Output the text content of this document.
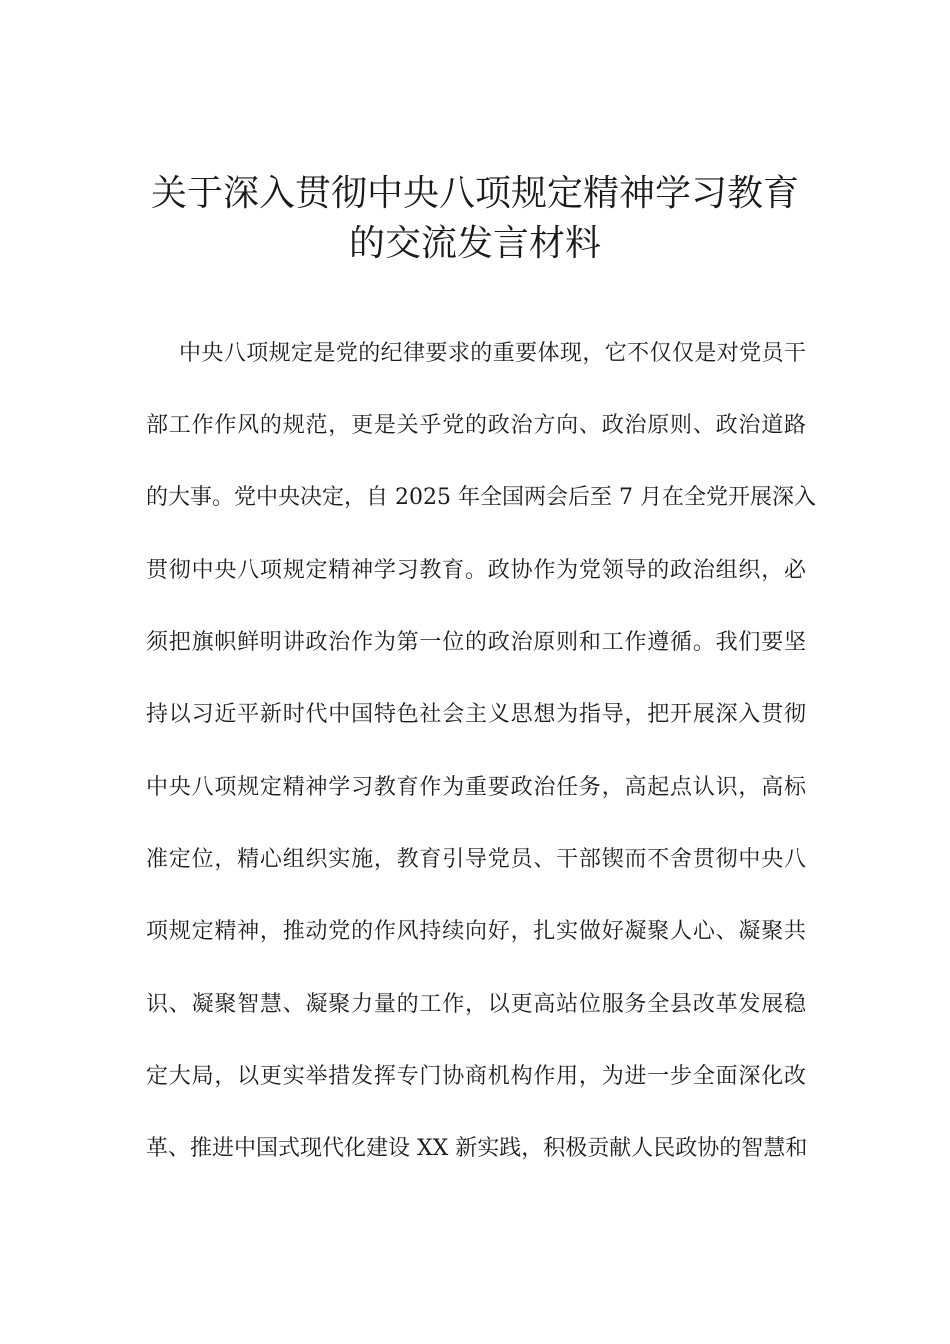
关于深入贯彻中央八项规定精神学习教育
的交流发言材料
中央八项规定是党的纪律要求的重要体现，它不仅仅是对党员干
部工作作风的规范，更是关乎党的政治方向、政治原则、政治道路
的大事。党中央决定，自 2025 年全国两会后至 7 月在全党开展深入
贯彻中央八项规定精神学习教育。政协作为党领导的政治组织，必
须把旗帜鲜明讲政治作为第一位的政治原则和工作遵循。我们要坚
持以习近平新时代中国特色社会主义思想为指导，把开展深入贯彻
中央八项规定精神学习教育作为重要政治任务，高起点认识，高标
准定位，精心组织实施，教育引导党员、干部锲而不舍贯彻中央八
项规定精神，推动党的作风持续向好，扎实做好凝聚人心、凝聚共
识、凝聚智慧、凝聚力量的工作，以更高站位服务全县改革发展稳
定大局，以更实举措发挥专门协商机构作用，为进一步全面深化改
革、推进中国式现代化建设 XX 新实践，积极贡献人民政协的智慧和
